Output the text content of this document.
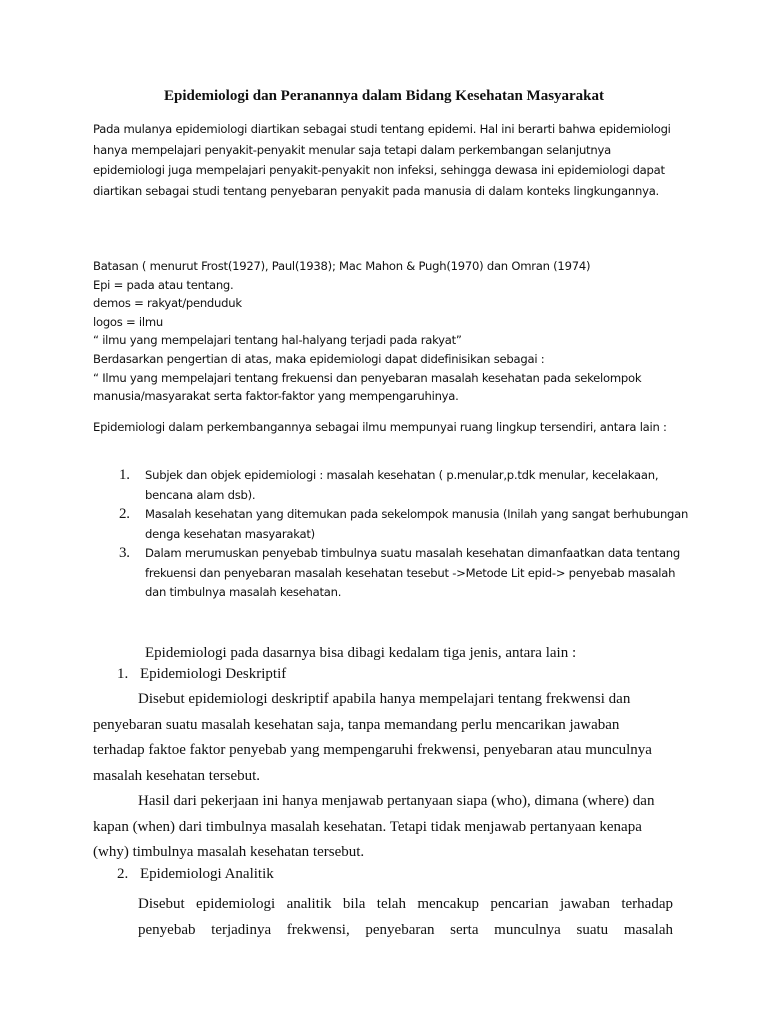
Epidemiologi dan Peranannya dalam Bidang Kesehatan Masyarakat

Pada mulanya epidemiologi diartikan sebagai studi tentang epidemi. Hal ini berarti bahwa epidemiologi hanya mempelajari penyakit-penyakit menular saja tetapi dalam perkembangan selanjutnya epidemiologi juga mempelajari penyakit-penyakit non infeksi, sehingga dewasa ini epidemiologi dapat diartikan sebagai studi tentang penyebaran penyakit pada manusia di dalam konteks lingkungannya.

Batasan ( menurut Frost(1927), Paul(1938); Mac Mahon & Pugh(1970) dan Omran (1974)
Epi = pada atau tentang.
demos = rakyat/penduduk
logos = ilmu
“ ilmu yang mempelajari tentang hal-halyang terjadi pada rakyat”
Berdasarkan pengertian di atas, maka epidemiologi dapat didefinisikan sebagai :
“ Ilmu yang mempelajari tentang frekuensi dan penyebaran masalah kesehatan pada sekelompok
manusia/masyarakat serta faktor-faktor yang mempengaruhinya.

Epidemiologi dalam perkembangannya sebagai ilmu mempunyai ruang lingkup tersendiri, antara lain :

1. Subjek dan objek epidemiologi : masalah kesehatan ( p.menular,p.tdk menular, kecelakaan, bencana alam dsb).
2. Masalah kesehatan yang ditemukan pada sekelompok manusia (Inilah yang sangat berhubungan denga kesehatan masyarakat)
3. Dalam merumuskan penyebab timbulnya suatu masalah kesehatan dimanfaatkan data tentang frekuensi dan penyebaran masalah kesehatan tesebut ->Metode Lit epid-> penyebab masalah dan timbulnya masalah kesehatan.
Epidemiologi pada dasarnya bisa dibagi kedalam tiga jenis, antara lain :
1. Epidemiologi Deskriptif

Disebut epidemiologi deskriptif apabila hanya mempelajari tentang frekwensi dan penyebaran suatu masalah kesehatan saja, tanpa memandang perlu mencarikan jawaban terhadap faktoe faktor penyebab yang mempengaruhi frekwensi, penyebaran atau munculnya masalah kesehatan tersebut.

Hasil dari pekerjaan ini hanya menjawab pertanyaan siapa (who), dimana (where) dan kapan (when) dari timbulnya masalah kesehatan. Tetapi tidak menjawab pertanyaan kenapa (why) timbulnya masalah kesehatan tersebut.

2. Epidemiologi Analitik

Disebut epidemiologi analitik bila telah mencakup pencarian jawaban terhadap

penyebab terjadinya frekwensi, penyebaran serta munculnya suatu masalah
